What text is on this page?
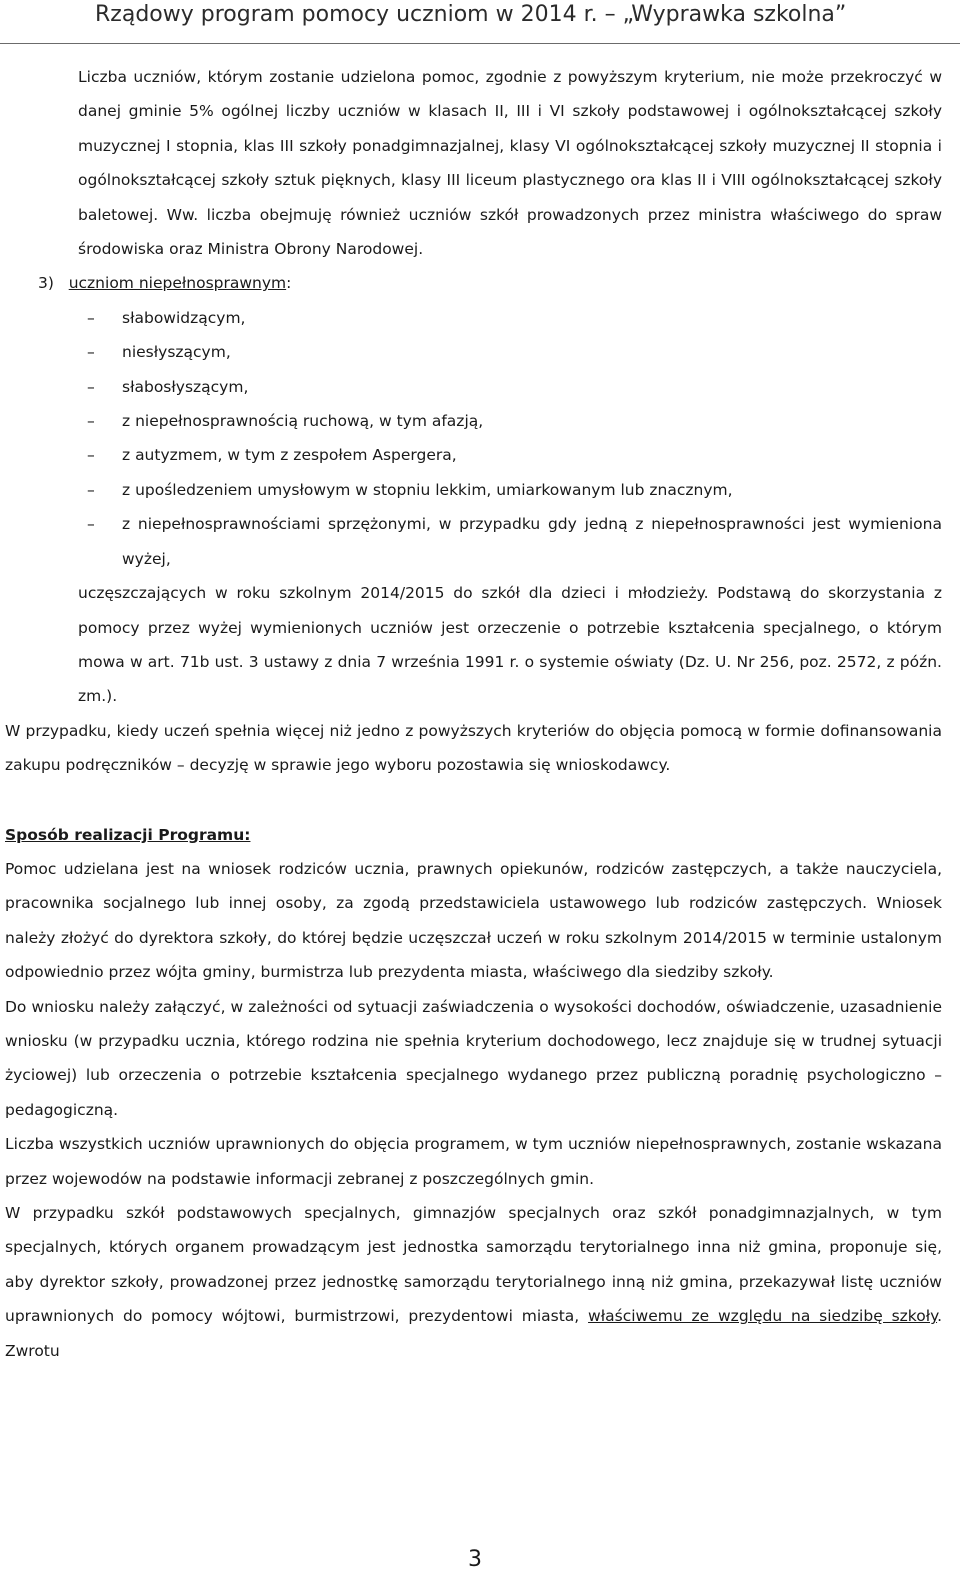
Rządowy program pomocy uczniom w 2014 r. – „Wyprawka szkolna”

Liczba uczniów, którym zostanie udzielona pomoc, zgodnie z powyższym kryterium, nie może przekroczyć w danej gminie 5% ogólnej liczby uczniów w klasach II, III i VI szkoły podstawowej i ogólnokształcącej szkoły muzycznej I stopnia, klas III szkoły ponadgimnazjalnej, klasy VI ogólnokształcącej szkoły muzycznej II stopnia i ogólnokształcącej szkoły sztuk pięknych, klasy III liceum plastycznego ora klas II i VIII ogólnokształcącej szkoły baletowej. Ww. liczba obejmuję również uczniów szkół prowadzonych przez ministra właściwego do spraw środowiska oraz Ministra Obrony Narodowej.

3) uczniom niepełnosprawnym:

– słabowidzącym,
– niesłyszącym,
– słabosłyszącym,
– z niepełnosprawnością ruchową, w tym afazją,
– z autyzmem, w tym z zespołem Aspergera,
– z upośledzeniem umysłowym w stopniu lekkim, umiarkowanym lub znacznym,
– z niepełnosprawnościami sprzężonymi, w przypadku gdy jedną z niepełnosprawności jest wymieniona wyżej,

uczęszczających w roku szkolnym 2014/2015 do szkół dla dzieci i młodzieży. Podstawą do skorzystania z pomocy przez wyżej wymienionych uczniów jest orzeczenie o potrzebie kształcenia specjalnego, o którym mowa w art. 71b ust. 3 ustawy z dnia 7 września 1991 r. o systemie oświaty (Dz. U. Nr 256, poz. 2572, z późn. zm.).

W przypadku, kiedy uczeń spełnia więcej niż jedno z powyższych kryteriów do objęcia pomocą w formie dofinansowania zakupu podręczników – decyzję w sprawie jego wyboru pozostawia się wnioskodawcy.

Sposób realizacji Programu:

Pomoc udzielana jest na wniosek rodziców ucznia, prawnych opiekunów, rodziców zastępczych, a także nauczyciela, pracownika socjalnego lub innej osoby, za zgodą przedstawiciela ustawowego lub rodziców zastępczych. Wniosek należy złożyć do dyrektora szkoły, do której będzie uczęszczał uczeń w roku szkolnym 2014/2015 w terminie ustalonym odpowiednio przez wójta gminy, burmistrza lub prezydenta miasta, właściwego dla siedziby szkoły.

Do wniosku należy załączyć, w zależności od sytuacji zaświadczenia o wysokości dochodów, oświadczenie, uzasadnienie wniosku (w przypadku ucznia, którego rodzina nie spełnia kryterium dochodowego, lecz znajduje się w trudnej sytuacji życiowej) lub orzeczenia o potrzebie kształcenia specjalnego wydanego przez publiczną poradnię psychologiczno – pedagogiczną.

Liczba wszystkich uczniów uprawnionych do objęcia programem, w tym uczniów niepełnosprawnych, zostanie wskazana przez wojewodów na podstawie informacji zebranej z poszczególnych gmin.

W przypadku szkół podstawowych specjalnych, gimnazjów specjalnych oraz szkół ponadgimnazjalnych, w tym specjalnych, których organem prowadzącym jest jednostka samorządu terytorialnego inna niż gmina, proponuje się, aby dyrektor szkoły, prowadzonej przez jednostkę samorządu terytorialnego inną niż gmina, przekazywał listę uczniów uprawnionych do pomocy wójtowi, burmistrzowi, prezydentowi miasta, właściwemu ze względu na siedzibę szkoły. Zwrotu

3
